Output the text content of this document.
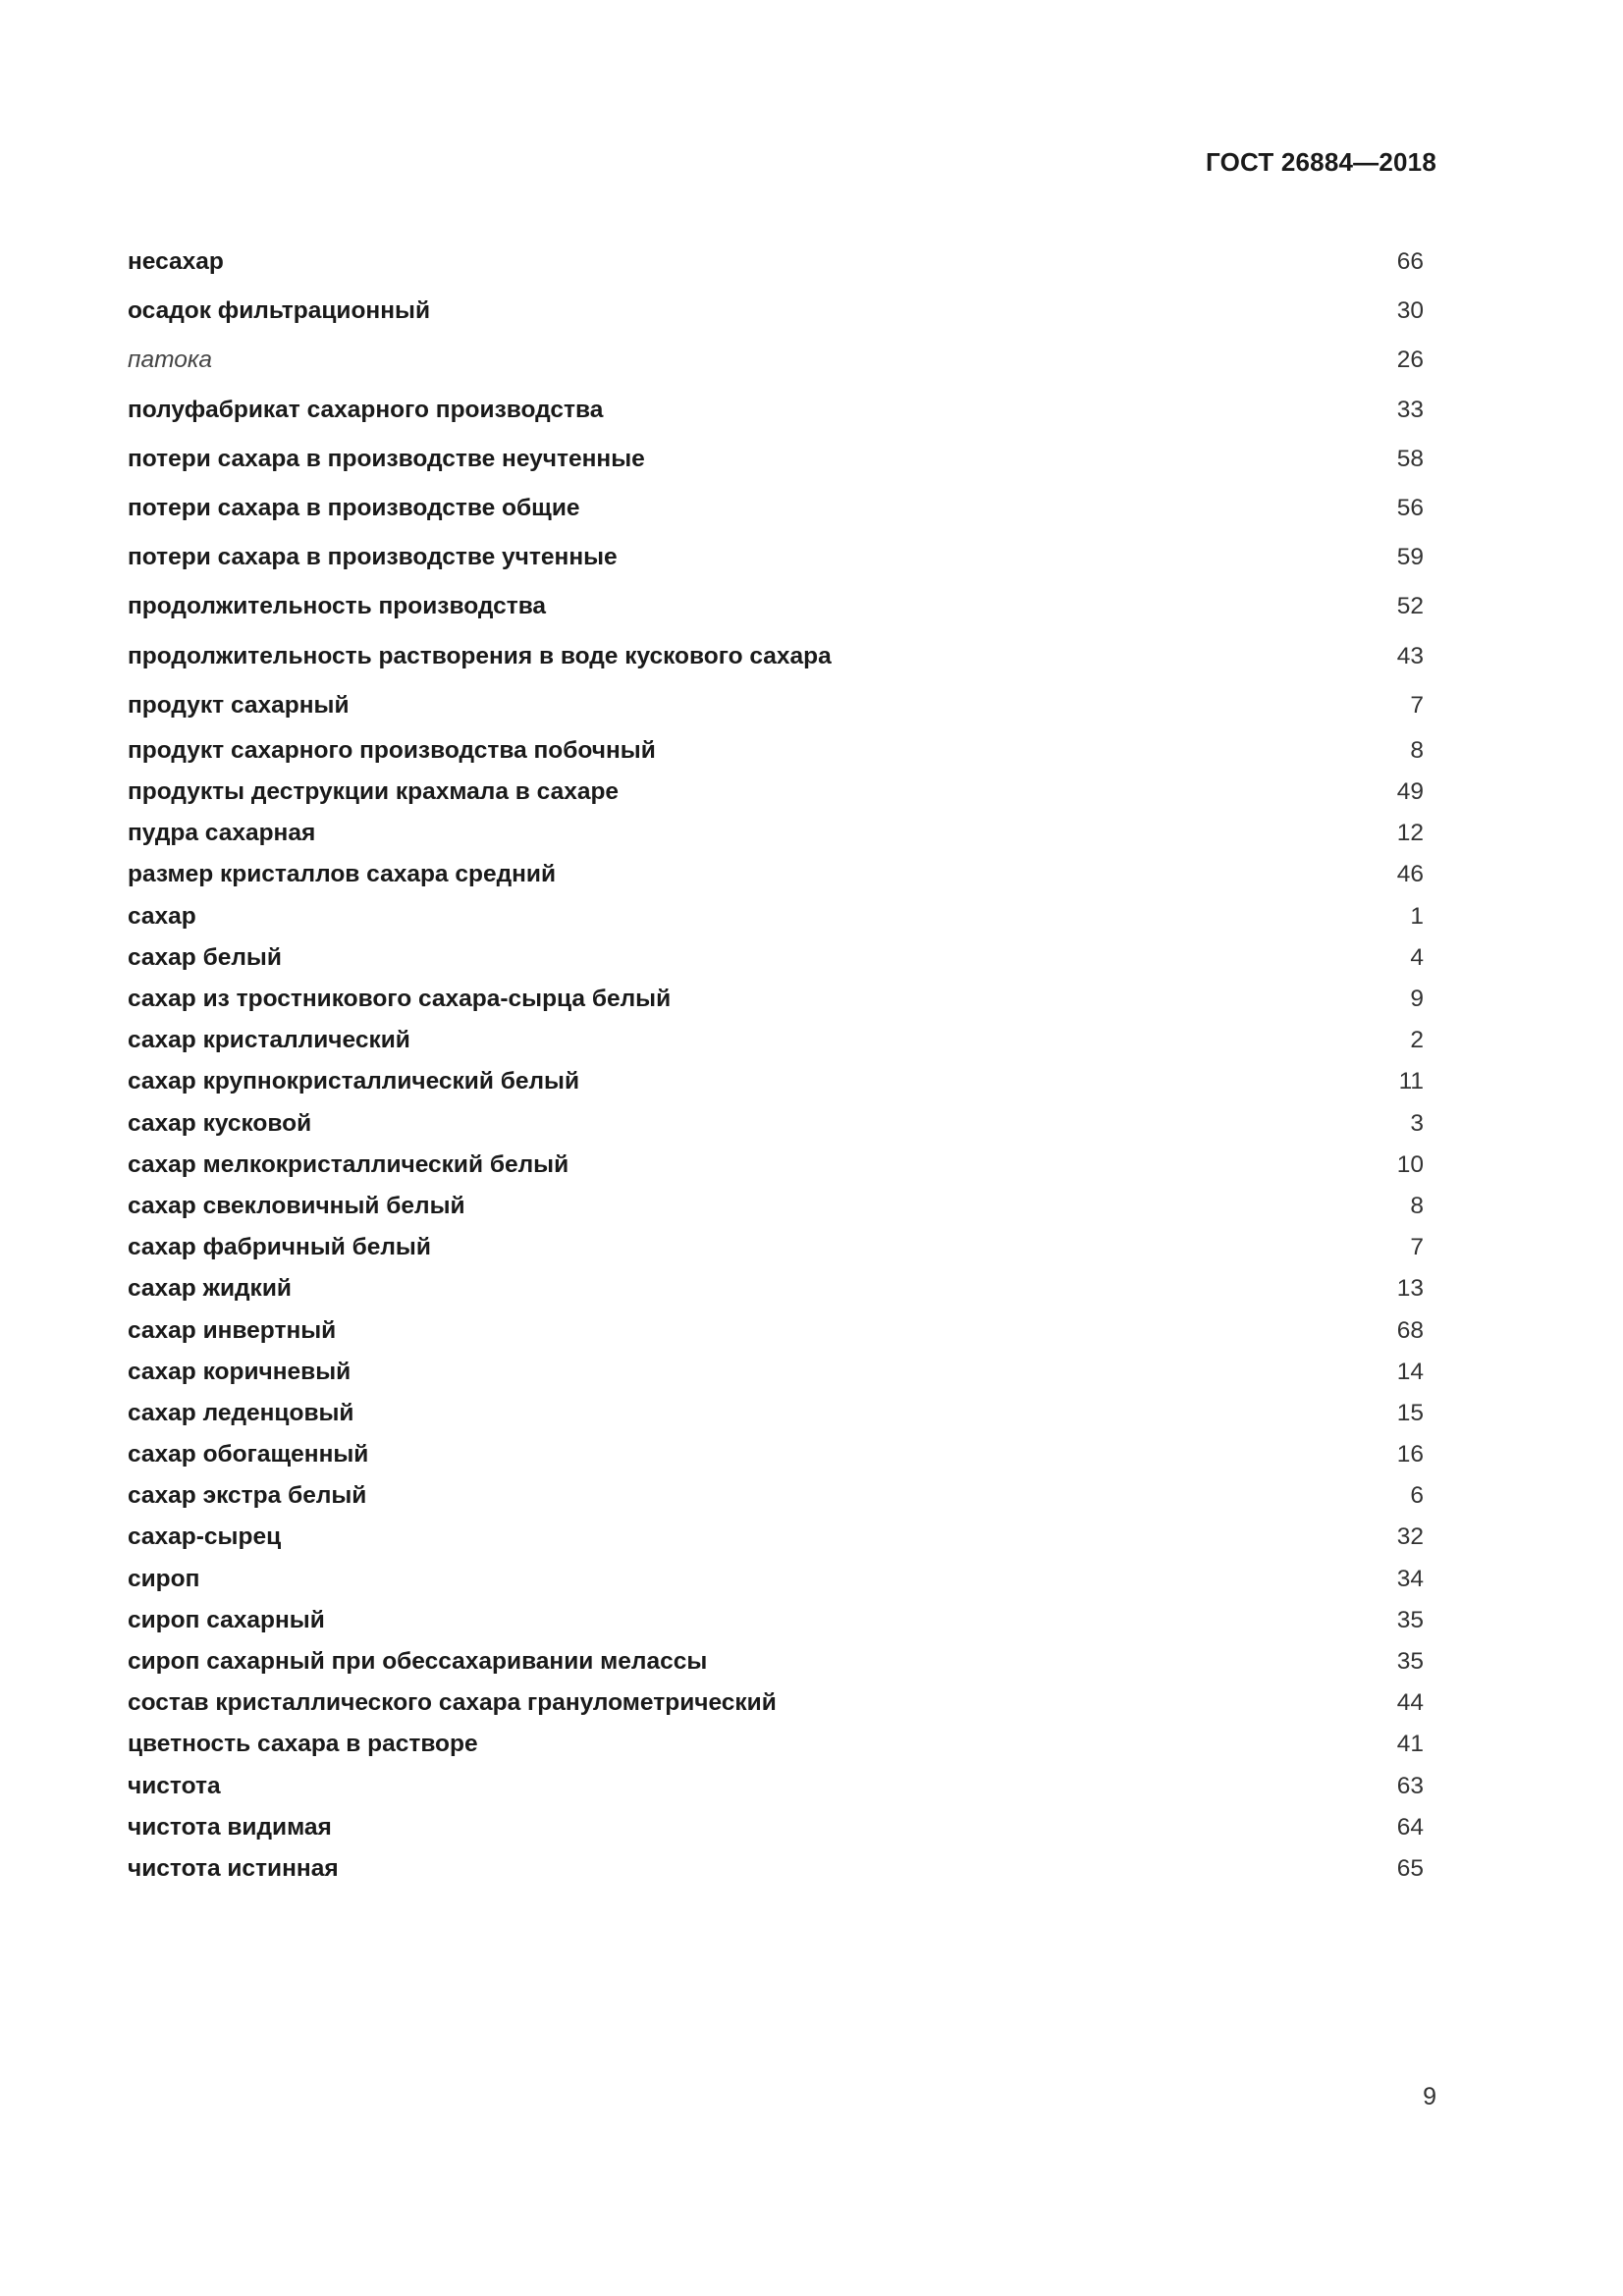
ГОСТ 26884—2018
несахар	66
осадок фильтрационный	30
патока	26
полуфабрикат сахарного производства	33
потери сахара в производстве неучтенные	58
потери сахара в производстве общие	56
потери сахара в производстве учтенные	59
продолжительность производства	52
продолжительность растворения в воде кускового сахара	43
продукт сахарный	7
продукт сахарного производства побочный	8
продукты деструкции крахмала в сахаре	49
пудра сахарная	12
размер кристаллов сахара средний	46
сахар	1
сахар белый	4
сахар из тростникового сахара-сырца белый	9
сахар кристаллический	2
сахар крупнокристаллический белый	11
сахар кусковой	3
сахар мелкокристаллический белый	10
сахар свекловичный белый	8
сахар фабричный белый	7
сахар жидкий	13
сахар инвертный	68
сахар коричневый	14
сахар леденцовый	15
сахар обогащенный	16
сахар экстра белый	6
сахар-сырец	32
сироп	34
сироп сахарный	35
сироп сахарный при обессахаривании мелассы	35
состав кристаллического сахара гранулометрический	44
цветность сахара в растворе	41
чистота	63
чистота видимая	64
чистота истинная	65
9
